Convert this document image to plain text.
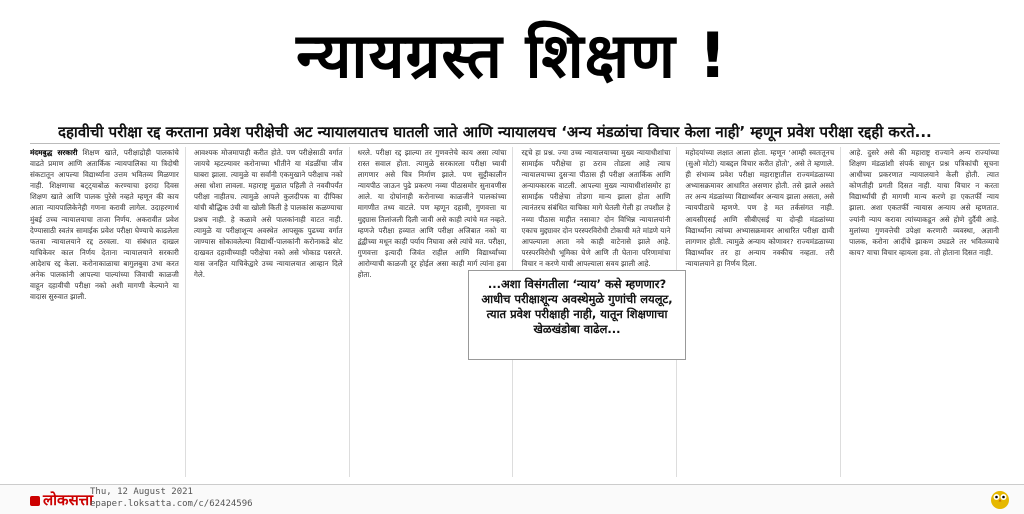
न्यायग्रस्त शिक्षण !
दहावीची परीक्षा रद्द करताना प्रवेश परीक्षेची अट न्यायालयातच घातली जाते आणि न्यायालयच ‘अन्य मंडळांचा विचार केला नाही’ म्हणून प्रवेश परीक्षा रद्दही करते...
मंदमबुद्ध सरकारी शिक्षण खाते, परीक्षाद्रोही पालकांचे वाढते प्रमाण आणि अतार्किक न्यायपालिका या त्रिदोषी संकटातून आपल्या विद्यार्थ्यांना उत्तम भवितव्य मिळणार नाही. शिक्षणाचा बट्ट्याबोळ करण्याचा इरादा दिवस शिक्षण खाते आणि पालक पुरेसे नव्हते म्हणून की काय आता न्यायपालिकेनेही गणना करावी लागेल. उदाहरणार्थ मुंबई उच्च न्यायालयाचा ताजा निर्णय. अकरावीत प्रवेश देण्यासाठी स्वतंत्र सामाईक प्रवेश परीक्षा घेण्याचे काढलेला फतवा न्यायालयाने रद्द ठरवला. या संबंधात दाखल याचिकेवर काल निर्णय देताना न्यायालयाने सरकारी आदेशच रद्द केला. करोनाकाळाचा बागुलबुवा उभा करत अनेक पालकांनी आपल्या पाल्यांच्या जिवाची काळजी वाहून दहावीची परीक्षा नको अशी मागणी केल्याने या वादास सुरुवात झाली.
आवश्यक मोजमापाही करीत होते. पण परीक्षेसाठी वर्गात जायचे म्हटल्यावर करोनाच्या भीतीने या मंडळींचा जीव घाबरा झाला. त्यामुळे या सर्वांनी एकमुखाने परीक्षाच नको असा धोशा लावला. महाराष्ट्र मुळात पहिली ते नववीपर्यंत परीक्षा नाहीतच. त्यामुळे आपले कुलदीपक वा दीपिका यांची बौद्धिक उंची वा खोली किती हे पालकांस कळण्याचा प्रश्नच नाही. हे कळावे असे पालकांनाही वाटत नाही. त्यामुळे या परीक्षाशून्य अवस्थेत आपसूक पुढच्या वर्गात जाण्यास सोकावलेल्या विद्यार्थी-पालकांनी करोनाकडे बोट दाखवत दहावीच्याही परीक्षेचा नको असे भोकाड पसरले. यास जनहित याचिकेद्वारे उच्च न्यायालयात आव्हान दिले गेले.
धरले. परीक्षा रद्द झाल्या तर गुणवत्तेचे काय असा त्यांचा रास्त सवाल होता. त्यामुळे सरकारला परीक्षा घ्यावी लागणार असे चित्र निर्माण झाले. पण सुट्टीकालीन न्यायपीठ जाऊन पुढे प्रकरण नव्या पीठासमोर सुनावणीस आले. या दोघांनाही करोनाच्या काळजीने पालकांच्या मागणीत तथ्य वाटले. पण म्हणून दहावी, गुणवत्ता या मुद्द्यास तिलांजली दिली जावी असे काही त्यांचे मत नव्हते. म्हणजे परीक्षा हव्यात आणि परीक्षा अजिबात नको या द्वंद्वीच्या मधून काही पर्याय निघावा असे त्यांचे मत. परीक्षा, गुणवत्ता इत्यादी जिवंत राहील आणि विद्यार्थ्यांच्या आरोग्याची काळजी दूर होईल असा काही मार्ग त्यांना हवा होता.
रद्दचे हा प्रश्न. ज्या उच्च न्यायालयाच्या मुख्य न्यायाधीशांचा सामाईक परीक्षेचा हा ठराव तोडला आहे त्याच न्यायालयाच्या दुसऱ्या पीठास ही परीक्षा अतार्किक आणि अन्यायकारक वाटली. आपल्या मुख्य न्यायाधीशांसमोर हा सामाईक परीक्षेचा तोडगा मान्य झाला होता आणि त्यानंतरच संबंधित याचिका मागे घेतली गेली हा तपशील हे नव्या पीठास माहीत नसावा? दोन विभिन्न न्यायालयांनी एकाच मुद्द्यावर दोन परस्परविरोधी टोकाची मते मांडणे याने आपल्याला आता नवे काही वाटेनासे झाले आहे. परस्परविरोधी भूमिका घेणे आणि ती घेताना परिणामांचा विचार न करणे याची आपल्याला सवय झाली आहे.
महोदयांच्या लक्षात आला होता. म्हणून ‘आम्ही स्वतःतूनच (सुओ मोटो) याबद्दल विचार करीत होतो’, असे ते म्हणाले. ही संभाव्य प्रवेश परीक्षा महाराष्ट्रातील राज्यमंडळाच्या अभ्यासक्रमावर आधारित असणार होती. तसे झाले असते तर अन्य मंडळांच्या विद्यार्थ्यांवर अन्याय झाला असता, असे न्यायपीठाचे म्हणणे. पण हे मत तर्कसंगत नाही. आयसीएसई आणि सीबीएसई या दोन्ही मंडळांच्या विद्यार्थ्यांना त्यांच्या अभ्यासक्रमावर आधारित परीक्षा द्यावी लागणार होती. त्यामुळे अन्याय कोणावर? राज्यमंडळाच्या विद्यार्थ्यांवर तर हा अन्याय नक्कीच नव्हता. तरी न्यायालयाने हा निर्णय दिला.
आहे. दुसरे असे की महाराष्ट्र राज्याने अन्य राज्यांच्या शिक्षण मंडळांशी संपर्क साधून प्रश्न पत्रिकांची सूचना आधीच्या प्रकरणात न्यायालयाने केली होती. त्यात कोणतीही प्रगती दिसत नाही. याचा विचार न करता विद्यार्थ्यांची ही मागणी मान्य करणे हा एकतर्फी न्याय झाला. अशा एकतर्फी न्यायास अन्याय असे म्हणतात. ज्यांनी न्याय करावा त्यांच्याकडून असे होणे दुर्दैवी आहे. मुलांच्या गुणवत्तेची उपेक्षा करणारी व्यवस्था, अज्ञानी पालक, करोना आदींचे झाकण उघडले तर भवितव्याचे काय? याचा विचार व्हायला हवा. तो होताना दिसत नाही.
...अशा विसंगतीला ‘न्याय’ कसे म्हणणार? आधीच परीक्षाशून्य अवस्थेमुळे गुणांची लयलूट, त्यात प्रवेश परीक्षाही नाही, यातून शिक्षणाचा खेळखंडोबा वाढेल...
लोकसत्ता
Thu, 12 August 2021
epaper.loksatta.com/c/62424596
